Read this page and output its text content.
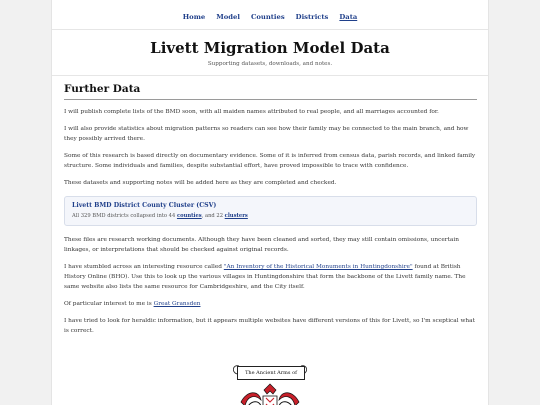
Home Model Counties Districts Data
Livett Migration Model Data
Supporting datasets, downloads, and notes.
Further Data

I will publish complete lists of the BMD soon, with all maiden names attributed to real people, and all marriages accounted for.

I will also provide statistics about migration patterns so readers can see how their family may be connected to the main branch, and how they possibly arrived there.

Some of this research is based directly on documentary evidence. Some of it is inferred from census data, parish records, and linked family structure. Some individuals and families, despite substantial effort, have proved impossible to trace with confidence.

These datasets and supporting notes will be added here as they are completed and checked.

Livett BMD District County Cluster (CSV)
All 329 BMD districts collapsed into 44 counties, and 22 clusters

These files are research working documents. Although they have been cleaned and sorted, they may still contain omissions, uncertain linkages, or interpretations that should be checked against original records.

I have stumbled across an interesting resource called "An Inventory of the Historical Monuments in Huntingdonshire" found at British History Online (BHO). Use this to look up the various villages in Huntingdonshire that form the backbone of the Livett family name. The same website also lists the same resource for Cambridgeshire, and the City itself.

Of particular interest to me is Great Gransden

I have tried to look for heraldic information, but it appears multiple websites have different versions of this for Livett, so I'm sceptical what is correct.

The Ancient Arms of
